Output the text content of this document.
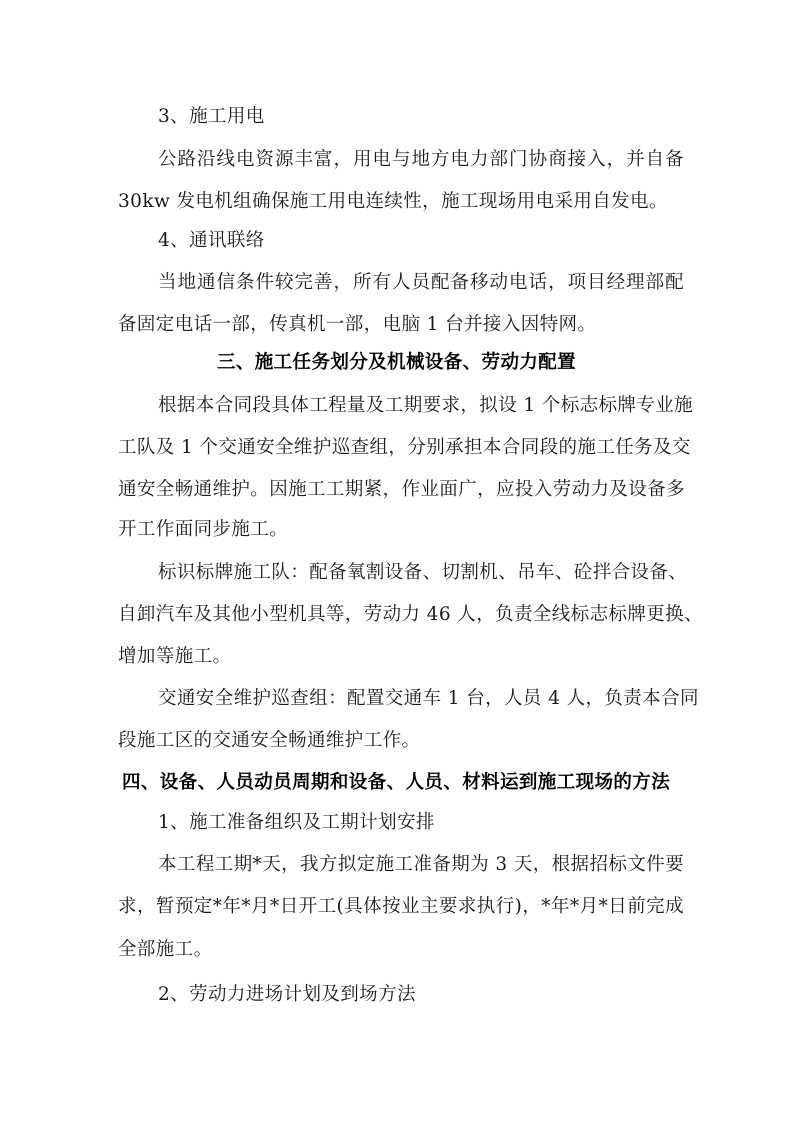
3、施工用电
公路沿线电资源丰富，用电与地方电力部门协商接入，并自备
30kw 发电机组确保施工用电连续性，施工现场用电采用自发电。
4、通讯联络
当地通信条件较完善，所有人员配备移动电话，项目经理部配
备固定电话一部，传真机一部，电脑 1 台并接入因特网。
三、施工任务划分及机械设备、劳动力配置
根据本合同段具体工程量及工期要求，拟设 1 个标志标牌专业施
工队及 1 个交通安全维护巡查组，分别承担本合同段的施工任务及交
通安全畅通维护。因施工工期紧，作业面广，应投入劳动力及设备多
开工作面同步施工。
标识标牌施工队：配备氧割设备、切割机、吊车、砼拌合设备、
自卸汽车及其他小型机具等，劳动力 46 人，负责全线标志标牌更换、
增加等施工。
交通安全维护巡查组：配置交通车 1 台，人员 4 人，负责本合同
段施工区的交通安全畅通维护工作。
四、设备、人员动员周期和设备、人员、材料运到施工现场的方法
1、施工准备组织及工期计划安排
本工程工期*天，我方拟定施工准备期为 3 天，根据招标文件要
求，暂预定*年*月*日开工(具体按业主要求执行)，*年*月*日前完成
全部施工。
2、劳动力进场计划及到场方法
